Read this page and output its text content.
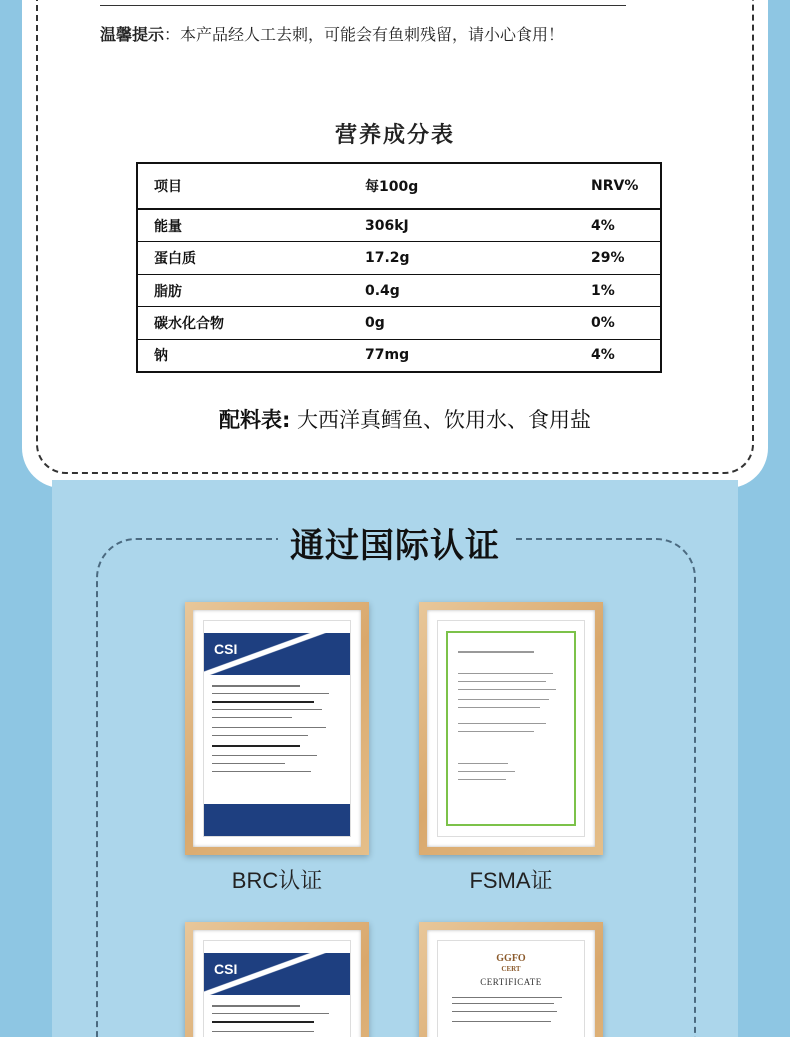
温馨提示：本产品经人工去刺，可能会有鱼刺残留，请小心食用！
营养成分表
项目	每100g	NRV%
能量	306kJ	4%
蛋白质	17.2g	29%
脂肪	0.4g	1%
碳水化合物	0g	0%
钠	77mg	4%
配料表: 大西洋真鳕鱼、饮用水、食用盐
通过国际认证
CSI
BRC认证	FSMA证
CSI
GGFO
CERT
CERTIFICATE
